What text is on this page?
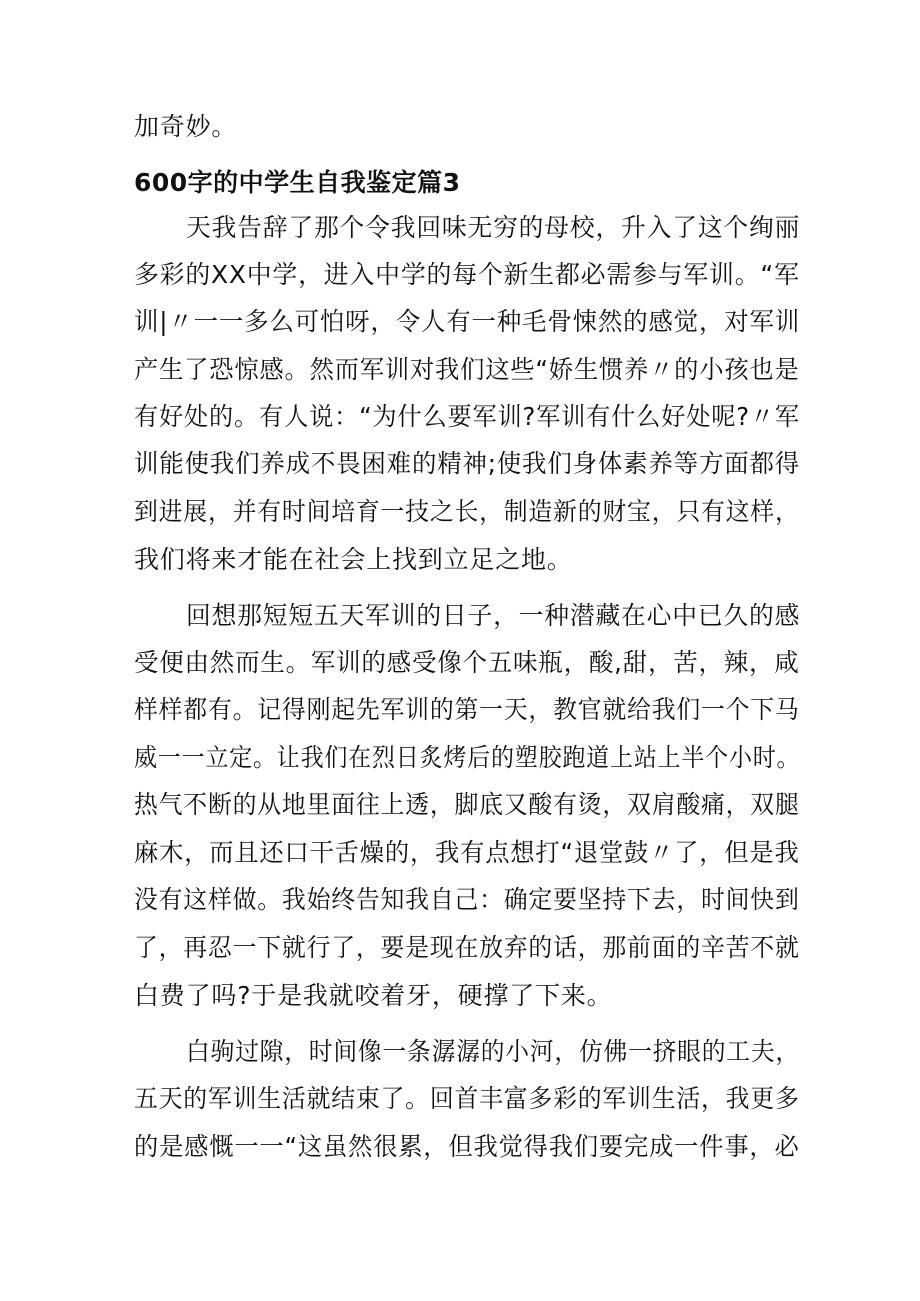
加奇妙。

600字的中学生自我鉴定篇3

天我告辞了那个令我回味无穷的母校，升入了这个绚丽

多彩的XX中学，进入中学的每个新生都必需参与军训。“军

训|〃一一多么可怕呀，令人有一种毛骨悚然的感觉，对军训

产生了恐惊感。然而军训对我们这些“娇生惯养〃的小孩也是

有好处的。有人说：“为什么要军训?军训有什么好处呢?〃军

训能使我们养成不畏困难的精神;使我们身体素养等方面都得

到进展，并有时间培育一技之长，制造新的财宝，只有这样，

我们将来才能在社会上找到立足之地。

回想那短短五天军训的日子，一种潜藏在心中已久的感

受便由然而生。军训的感受像个五味瓶，酸,甜，苦，辣，咸

样样都有。记得刚起先军训的第一天，教官就给我们一个下马

威一一立定。让我们在烈日炙烤后的塑胶跑道上站上半个小时。

热气不断的从地里面往上透，脚底又酸有烫，双肩酸痛，双腿

麻木，而且还口干舌燥的，我有点想打“退堂鼓〃了，但是我

没有这样做。我始终告知我自己：确定要坚持下去，时间快到

了，再忍一下就行了，要是现在放弃的话，那前面的辛苦不就

白费了吗?于是我就咬着牙，硬撑了下来。

白驹过隙，时间像一条潺潺的小河，仿佛一挤眼的工夫，

五天的军训生活就结束了。回首丰富多彩的军训生活，我更多

的是感慨一一“这虽然很累，但我觉得我们要完成一件事，必
